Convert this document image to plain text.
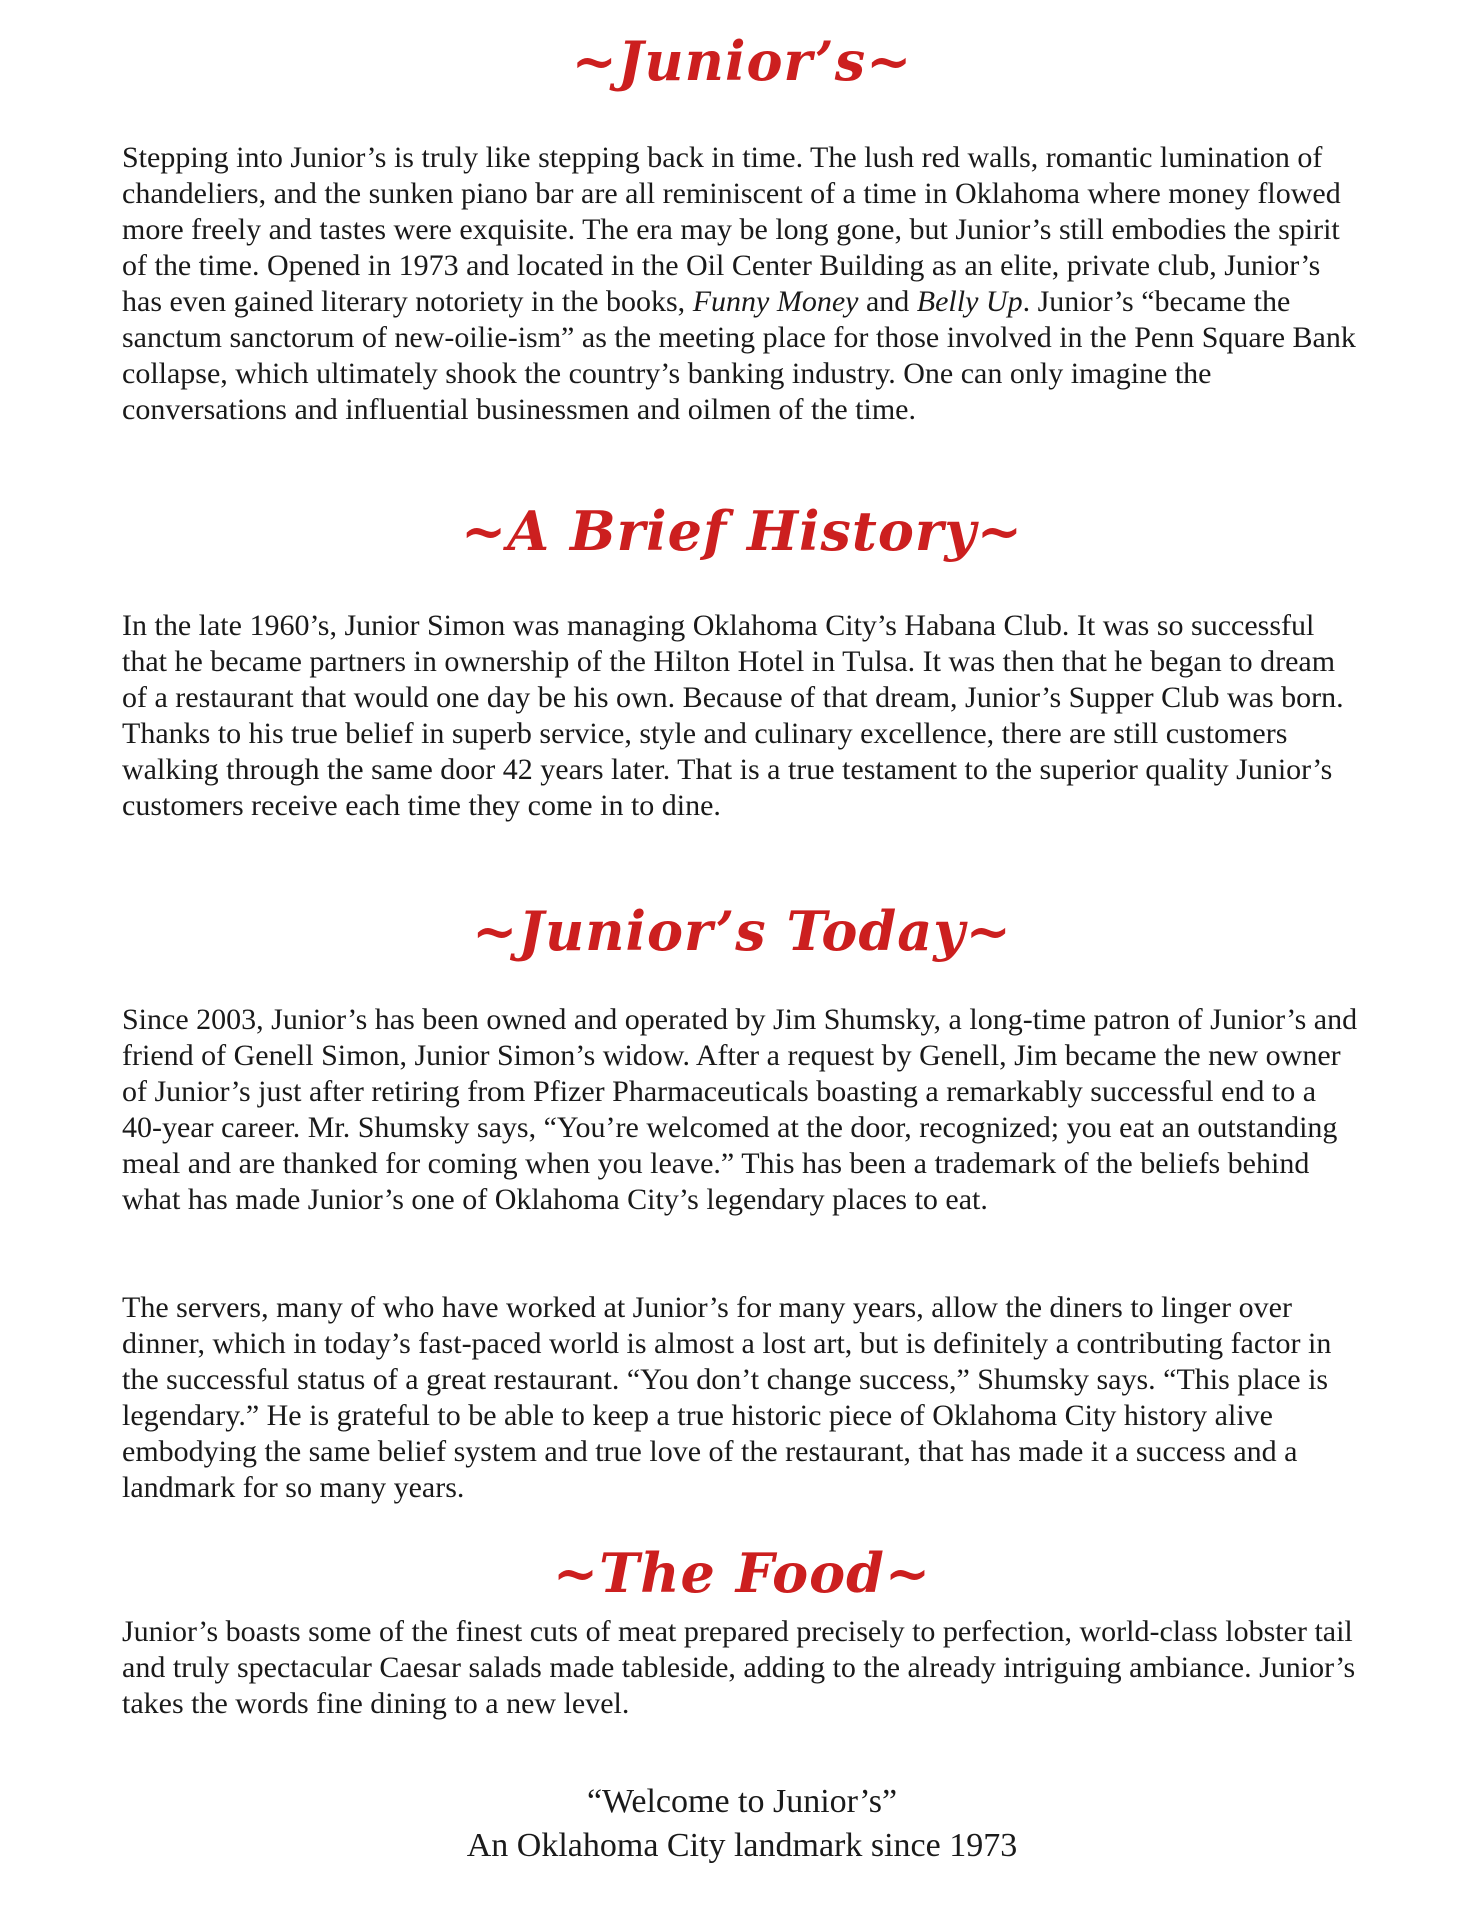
~Junior’s~

Stepping into Junior’s is truly like stepping back in time. The lush red walls, romantic lumination of chandeliers, and the sunken piano bar are all reminiscent of a time in Oklahoma where money flowed more freely and tastes were exquisite. The era may be long gone, but Junior’s still embodies the spirit of the time. Opened in 1973 and located in the Oil Center Building as an elite, private club, Junior’s has even gained literary notoriety in the books, Funny Money and Belly Up. Junior’s “became the sanctum sanctorum of new-oilie-ism” as the meeting place for those involved in the Penn Square Bank collapse, which ultimately shook the country’s banking industry. One can only imagine the conversations and influential businessmen and oilmen of the time.

~A Brief History~

In the late 1960’s, Junior Simon was managing Oklahoma City’s Habana Club. It was so successful that he became partners in ownership of the Hilton Hotel in Tulsa. It was then that he began to dream of a restaurant that would one day be his own. Because of that dream, Junior’s Supper Club was born. Thanks to his true belief in superb service, style and culinary excellence, there are still customers walking through the same door 42 years later. That is a true testament to the superior quality Junior’s customers receive each time they come in to dine.

~Junior’s Today~

Since 2003, Junior’s has been owned and operated by Jim Shumsky, a long-time patron of Junior’s and friend of Genell Simon, Junior Simon’s widow. After a request by Genell, Jim became the new owner of Junior’s just after retiring from Pfizer Pharmaceuticals boasting a remarkably successful end to a 40-year career. Mr. Shumsky says, “You’re welcomed at the door, recognized; you eat an outstanding meal and are thanked for coming when you leave.” This has been a trademark of the beliefs behind what has made Junior’s one of Oklahoma City’s legendary places to eat.

The servers, many of who have worked at Junior’s for many years, allow the diners to linger over dinner, which in today’s fast-paced world is almost a lost art, but is definitely a contributing factor in the successful status of a great restaurant. “You don’t change success,” Shumsky says. “This place is legendary.” He is grateful to be able to keep a true historic piece of Oklahoma City history alive embodying the same belief system and true love of the restaurant, that has made it a success and a landmark for so many years.

~The Food~

Junior’s boasts some of the finest cuts of meat prepared precisely to perfection, world-class lobster tail and truly spectacular Caesar salads made tableside, adding to the already intriguing ambiance. Junior’s takes the words fine dining to a new level.

“Welcome to Junior’s”

An Oklahoma City landmark since 1973
